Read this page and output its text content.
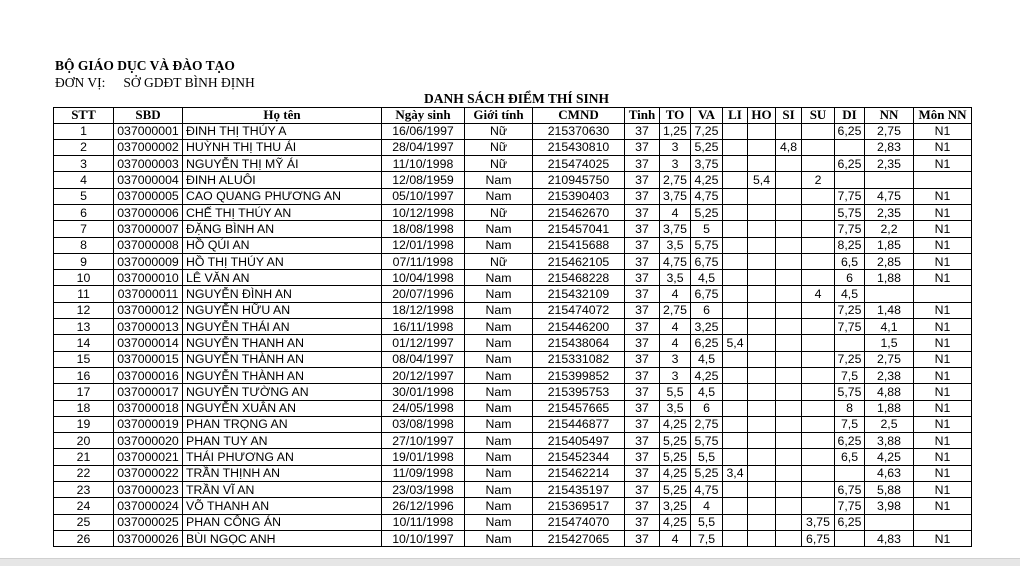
BỘ GIÁO DỤC VÀ ĐÀO TẠO
ĐƠN VỊ: SỞ GDĐT BÌNH ĐỊNH
DANH SÁCH ĐIỂM THÍ SINH
STT	SBD	Họ tên	Ngày sinh	Giới tính	CMND	Tinh	TO	VA	LI	HO	SI	SU	DI	NN	Môn NN
1	037000001	ĐINH THỊ THÚY A	16/06/1997	Nữ	215370630	37	1,25	7,25					6,25	2,75	N1
2	037000002	HUỲNH THỊ THU ÁI	28/04/1997	Nữ	215430810	37	3	5,25			4,8			2,83	N1
3	037000003	NGUYỄN THỊ MỸ ÁI	11/10/1998	Nữ	215474025	37	3	3,75					6,25	2,35	N1
4	037000004	ĐINH ALUÔI	12/08/1959	Nam	210945750	37	2,75	4,25		5,4		2			
5	037000005	CAO QUANG PHƯƠNG AN	05/10/1997	Nam	215390403	37	3,75	4,75					7,75	4,75	N1
6	037000006	CHẾ THỊ THÚY AN	10/12/1998	Nữ	215462670	37	4	5,25					5,75	2,35	N1
7	037000007	ĐẶNG BÌNH AN	18/08/1998	Nam	215457041	37	3,75	5					7,75	2,2	N1
8	037000008	HỒ QÚI AN	12/01/1998	Nam	215415688	37	3,5	5,75					8,25	1,85	N1
9	037000009	HỒ THỊ THÚY AN	07/11/1998	Nữ	215462105	37	4,75	6,75					6,5	2,85	N1
10	037000010	LÊ VĂN AN	10/04/1998	Nam	215468228	37	3,5	4,5					6	1,88	N1
11	037000011	NGUYỄN ĐÌNH AN	20/07/1996	Nam	215432109	37	4	6,75				4	4,5		
12	037000012	NGUYỄN HỮU AN	18/12/1998	Nam	215474072	37	2,75	6					7,25	1,48	N1
13	037000013	NGUYỄN THÁI AN	16/11/1998	Nam	215446200	37	4	3,25					7,75	4,1	N1
14	037000014	NGUYỄN THANH AN	01/12/1997	Nam	215438064	37	4	6,25	5,4					1,5	N1
15	037000015	NGUYỄN THÀNH AN	08/04/1997	Nam	215331082	37	3	4,5					7,25	2,75	N1
16	037000016	NGUYỄN THÀNH AN	20/12/1997	Nam	215399852	37	3	4,25					7,5	2,38	N1
17	037000017	NGUYỄN TƯỜNG AN	30/01/1998	Nam	215395753	37	5,5	4,5					5,75	4,88	N1
18	037000018	NGUYỄN XUÂN AN	24/05/1998	Nam	215457665	37	3,5	6					8	1,88	N1
19	037000019	PHAN TRỌNG AN	03/08/1998	Nam	215446877	37	4,25	2,75					7,5	2,5	N1
20	037000020	PHAN TUY AN	27/10/1997	Nam	215405497	37	5,25	5,75					6,25	3,88	N1
21	037000021	THÁI PHƯƠNG AN	19/01/1998	Nam	215452344	37	5,25	5,5					6,5	4,25	N1
22	037000022	TRẦN THỊNH AN	11/09/1998	Nam	215462214	37	4,25	5,25	3,4					4,63	N1
23	037000023	TRẦN VĨ AN	23/03/1998	Nam	215435197	37	5,25	4,75					6,75	5,88	N1
24	037000024	VÕ THANH AN	26/12/1996	Nam	215369517	37	3,25	4					7,75	3,98	N1
25	037000025	PHAN CÔNG ÁN	10/11/1998	Nam	215474070	37	4,25	5,5				3,75	6,25		
26	037000026	BÙI NGỌC ANH	10/10/1997	Nam	215427065	37	4	7,5				6,75		4,83	N1
